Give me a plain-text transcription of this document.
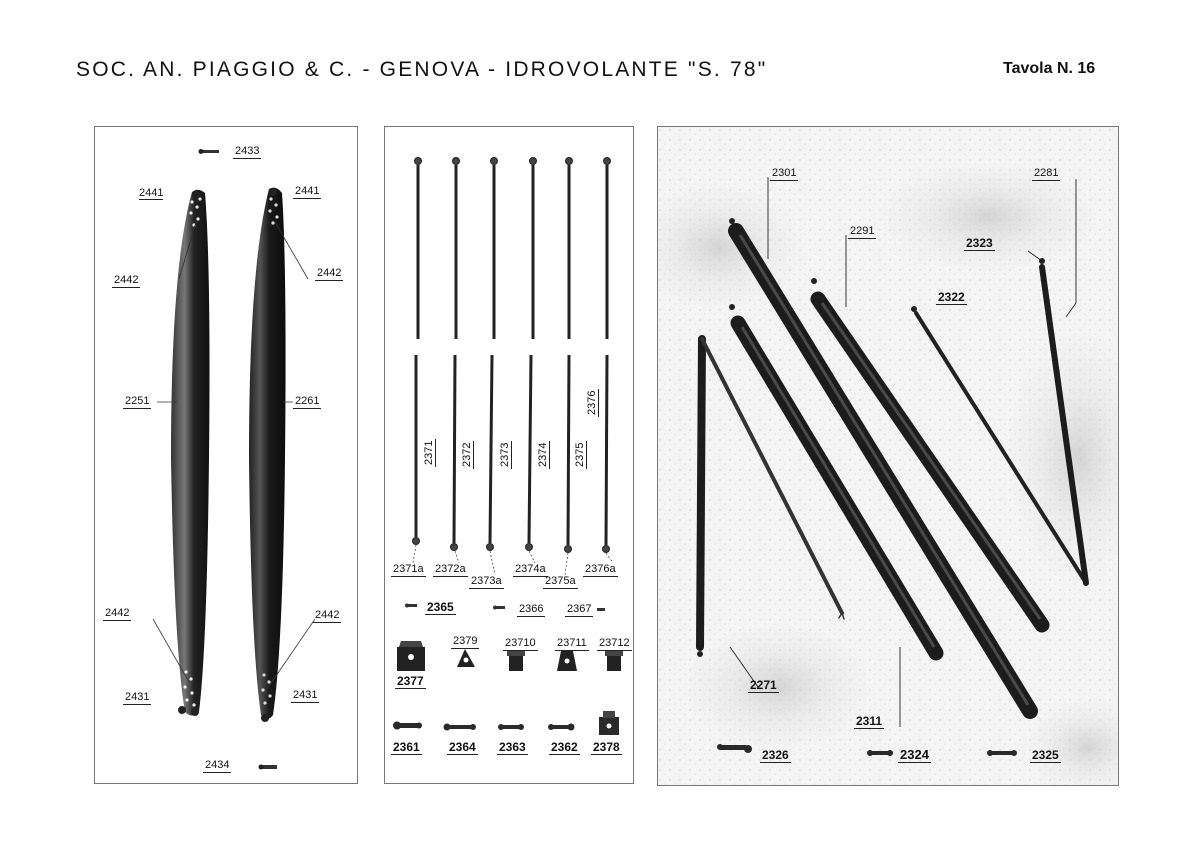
SOC. AN. PIAGGIO & C. - GENOVA - IDROVOLANTE "S. 78"	Tavola N. 16
2433
2441	2441
2442
2442
2251	2261
2442	2442
2431	2431
2434
2371 2372 2373 2374 2375
2376
2371a 2372a
2373a
2374a
2375a
2376a
2365	2366 2367
2379	23710 23711 23712
2377
2361 2364 2363 2362 2378
2301	2281
2291
2323
2322
2271
2311
2326	2324	2325
